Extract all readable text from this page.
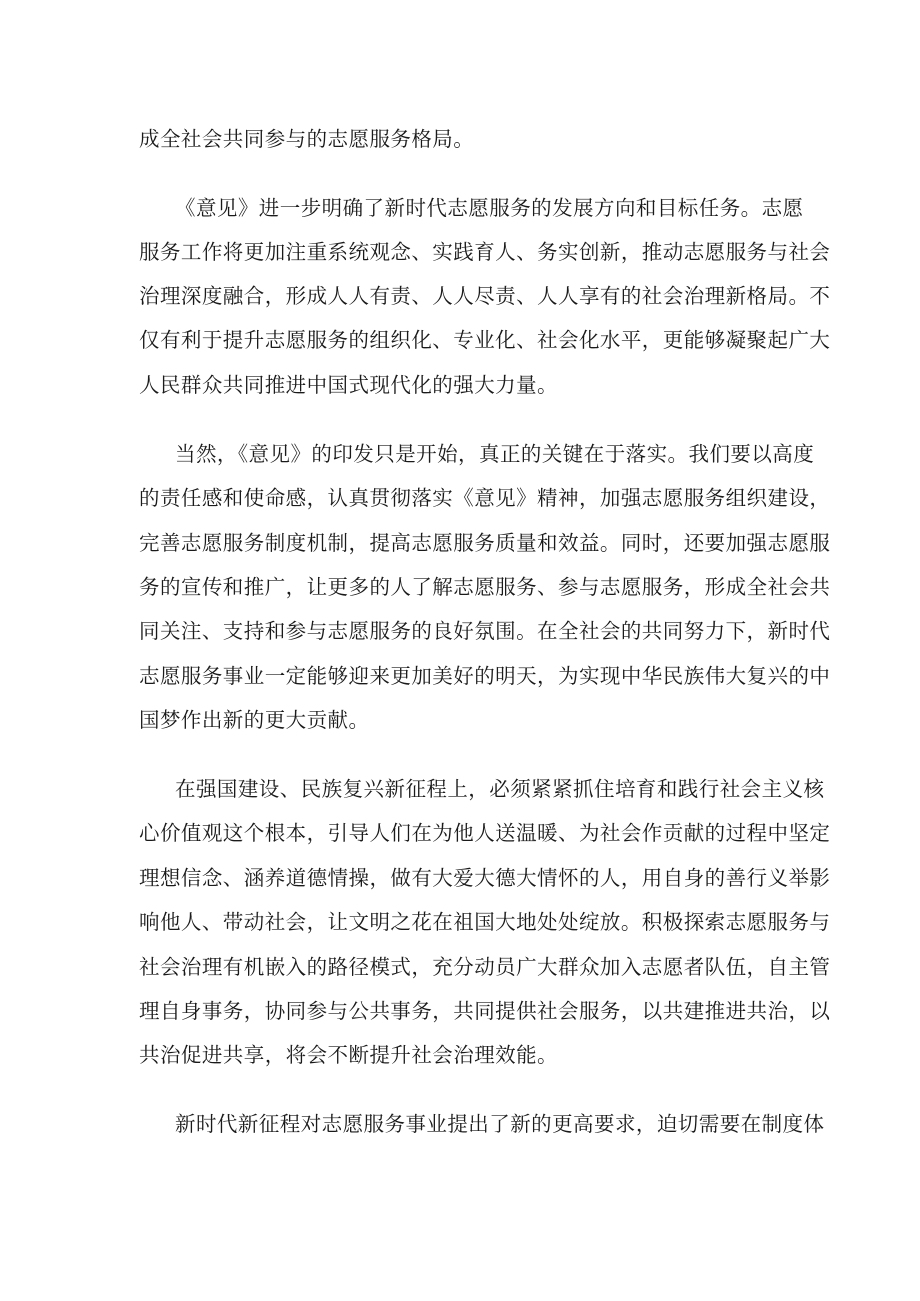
成全社会共同参与的志愿服务格局。

《意见》进一步明确了新时代志愿服务的发展方向和目标任务。志愿

服务工作将更加注重系统观念、实践育人、务实创新，推动志愿服务与社会

治理深度融合，形成人人有责、人人尽责、人人享有的社会治理新格局。不

仅有利于提升志愿服务的组织化、专业化、社会化水平，更能够凝聚起广大

人民群众共同推进中国式现代化的强大力量。

当然，《意见》的印发只是开始，真正的关键在于落实。我们要以高度

的责任感和使命感，认真贯彻落实《意见》精神，加强志愿服务组织建设，

完善志愿服务制度机制，提高志愿服务质量和效益。同时，还要加强志愿服

务的宣传和推广，让更多的人了解志愿服务、参与志愿服务，形成全社会共

同关注、支持和参与志愿服务的良好氛围。在全社会的共同努力下，新时代

志愿服务事业一定能够迎来更加美好的明天，为实现中华民族伟大复兴的中

国梦作出新的更大贡献。

在强国建设、民族复兴新征程上，必须紧紧抓住培育和践行社会主义核

心价值观这个根本，引导人们在为他人送温暖、为社会作贡献的过程中坚定

理想信念、涵养道德情操，做有大爱大德大情怀的人，用自身的善行义举影

响他人、带动社会，让文明之花在祖国大地处处绽放。积极探索志愿服务与

社会治理有机嵌入的路径模式，充分动员广大群众加入志愿者队伍，自主管

理自身事务，协同参与公共事务，共同提供社会服务，以共建推进共治，以

共治促进共享，将会不断提升社会治理效能。

新时代新征程对志愿服务事业提出了新的更高要求，迫切需要在制度体
